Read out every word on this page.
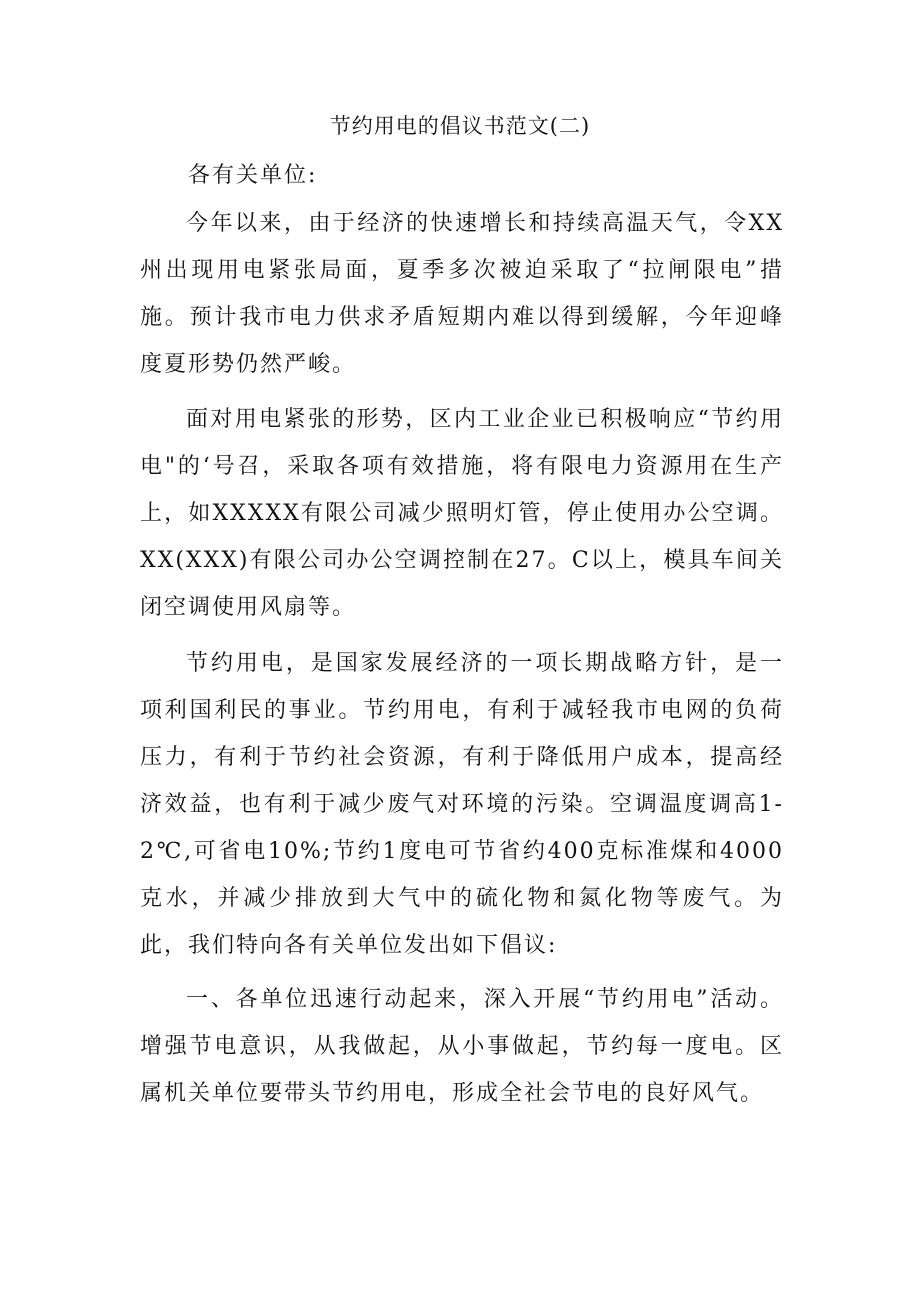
节约用电的倡议书范文(二)

各有关单位:

今年以来，由于经济的快速增长和持续高温天气，令XX州出现用电紧张局面，夏季多次被迫采取了“拉闸限电”措施。预计我市电力供求矛盾短期内难以得到缓解，今年迎峰度夏形势仍然严峻。

面对用电紧张的形势，区内工业企业已积极响应“节约用电"的‘号召，采取各项有效措施，将有限电力资源用在生产上，如XXXXX有限公司减少照明灯管，停止使用办公空调。XX(XXX)有限公司办公空调控制在27。C以上，模具车间关闭空调使用风扇等。

节约用电，是国家发展经济的一项长期战略方针，是一项利国利民的事业。节约用电，有利于减轻我市电网的负荷压力，有利于节约社会资源，有利于降低用户成本，提高经济效益，也有利于减少废气对环境的污染。空调温度调高1-2℃,可省电10%;节约1度电可节省约400克标准煤和4000克水，并减少排放到大气中的硫化物和氮化物等废气。为此，我们特向各有关单位发出如下倡议:

一、各单位迅速行动起来，深入开展“节约用电”活动。增强节电意识，从我做起，从小事做起，节约每一度电。区属机关单位要带头节约用电，形成全社会节电的良好风气。
